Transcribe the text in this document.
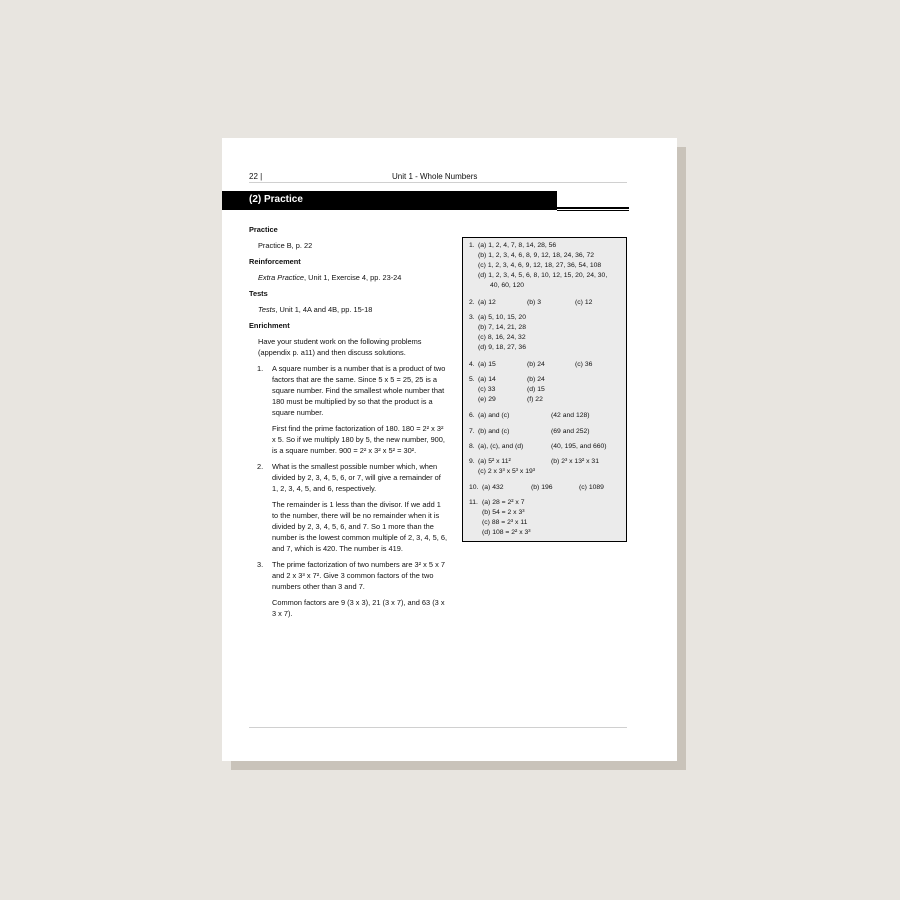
22 |	Unit 1 - Whole Numbers
(2) Practice
Practice
Practice B, p. 22
Reinforcement
Extra Practice, Unit 1, Exercise 4, pp. 23-24
Tests
Tests, Unit 1, 4A and 4B, pp. 15-18
Enrichment
Have your student work on the following problems (appendix p. a11) and then discuss solutions.
1. A square number is a number that is a product of two factors that are the same. Since 5 x 5 = 25, 25 is a square number. Find the smallest whole number that 180 must be multiplied by so that the product is a square number.

First find the prime factorization of 180. 180 = 2² x 3² x 5. So if we multiply 180 by 5, the new number, 900, is a square number. 900 = 2² x 3² x 5² = 30².

2. What is the smallest possible number which, when divided by 2, 3, 4, 5, 6, or 7, will give a remainder of 1, 2, 3, 4, 5, and 6, respectively.

The remainder is 1 less than the divisor. If we add 1 to the number, there will be no remainder when it is divided by 2, 3, 4, 5, 6, and 7. So 1 more than the number is the lowest common multiple of 2, 3, 4, 5, 6, and 7, which is 420. The number is 419.

3. The prime factorization of two numbers are 3² x 5 x 7 and 2 x 3³ x 7². Give 3 common factors of the two numbers other than 3 and 7.

Common factors are 9 (3 x 3), 21 (3 x 7), and 63 (3 x 3 x 7).

1. (a) 1, 2, 4, 7, 8, 14, 28, 56
(b) 1, 2, 3, 4, 6, 8, 9, 12, 18, 24, 36, 72
(c) 1, 2, 3, 4, 6, 9, 12, 18, 27, 36, 54, 108
(d) 1, 2, 3, 4, 5, 6, 8, 10, 12, 15, 20, 24, 30,
40, 60, 120
2. (a) 12	(b) 3	(c) 12
3. (a) 5, 10, 15, 20
(b) 7, 14, 21, 28
(c) 8, 16, 24, 32
(d) 9, 18, 27, 36
4. (a) 15	(b) 24	(c) 36
5. (a) 14	(b) 24
(c) 33	(d) 15
(e) 29	(f) 22
6. (a) and (c)	(42 and 128)
7. (b) and (c)	(69 and 252)
8. (a), (c), and (d)	(40, 195, and 660)
9. (a) 5² x 11²	(b) 2³ x 13² x 31
(c) 2 x 3³ x 5³ x 19³
10. (a) 432	(b) 196	(c) 1089
11. (a) 28 = 2² x 7
(b) 54 = 2 x 3³
(c) 88 = 2³ x 11
(d) 108 = 2² x 3³
